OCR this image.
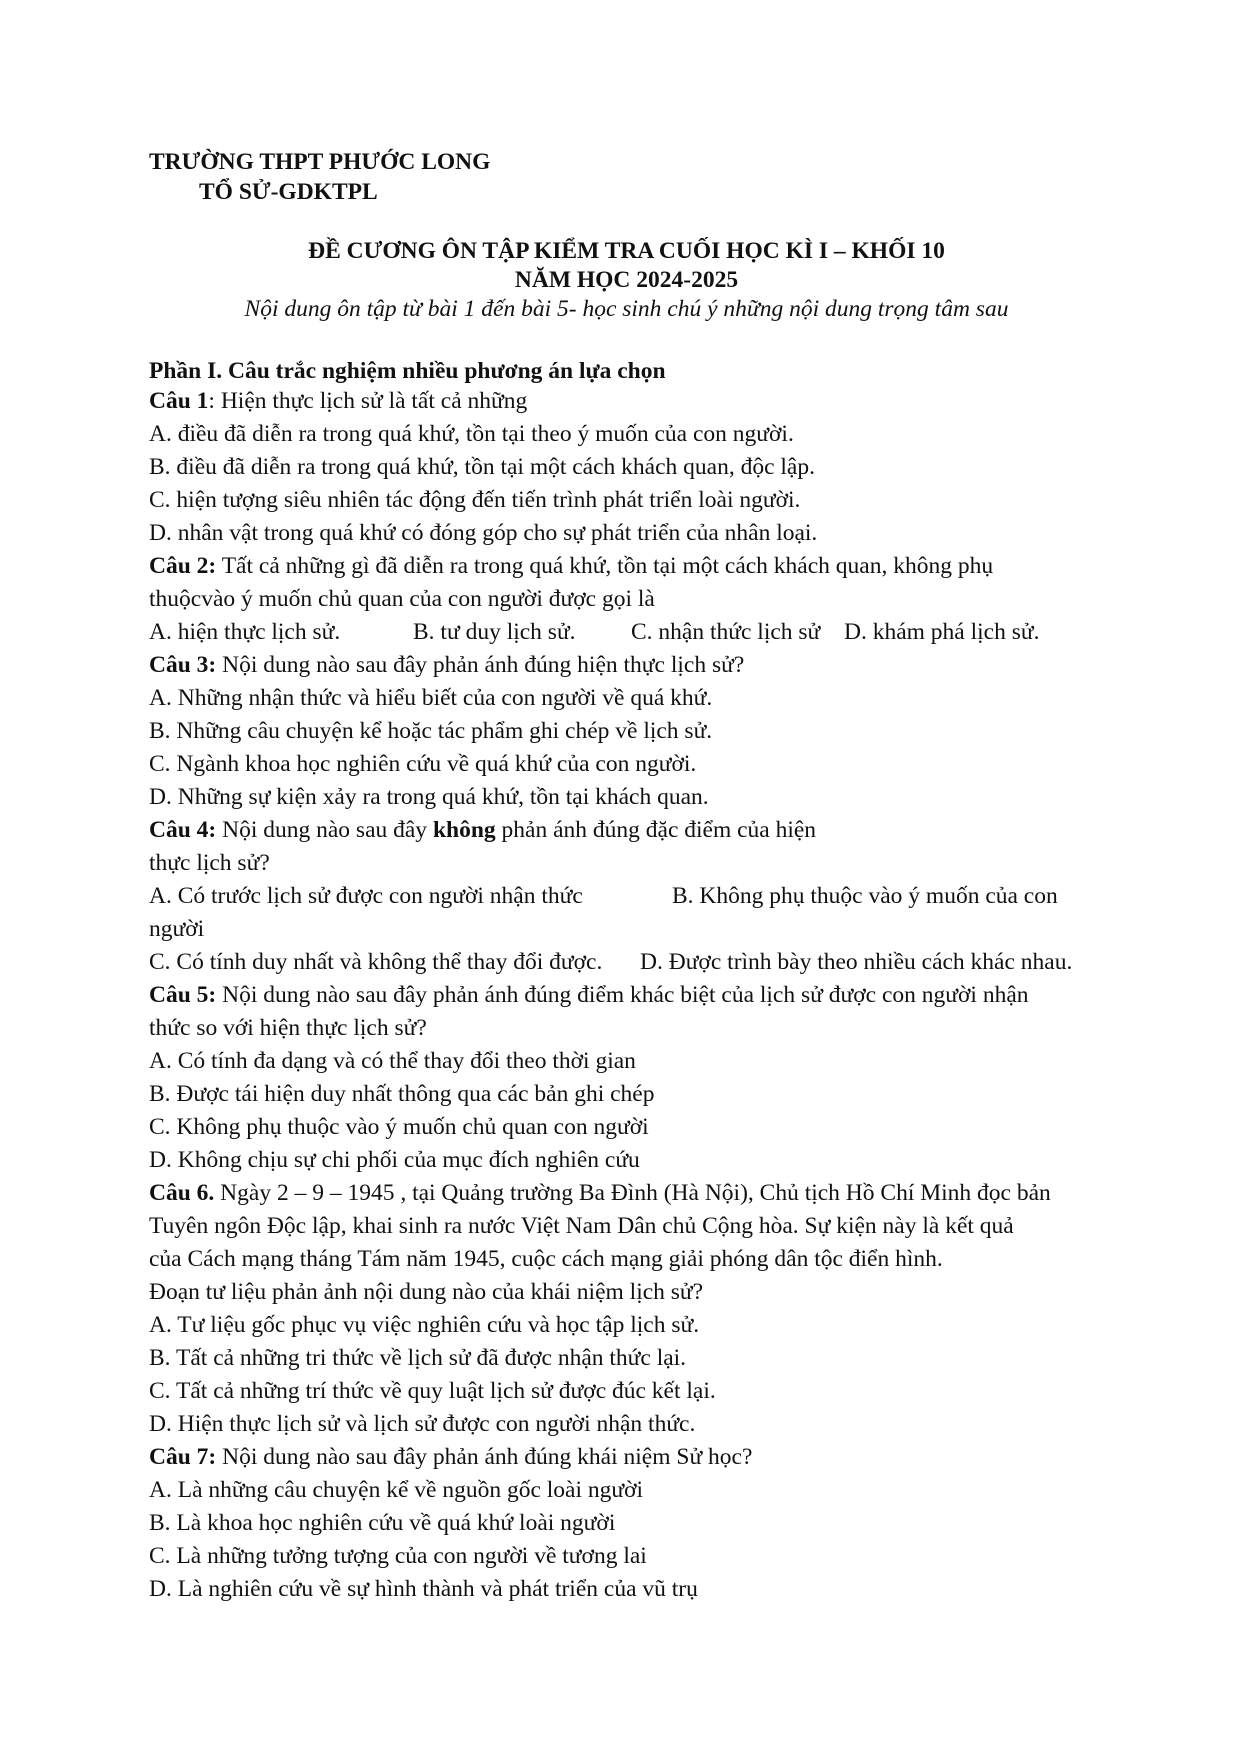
TRƯỜNG THPT PHƯỚC LONG
TỔ SỬ-GDKTPL
ĐỀ CƯƠNG ÔN TẬP KIỂM TRA CUỐI HỌC KÌ I – KHỐI 10
NĂM HỌC 2024-2025
Nội dung ôn tập từ bài 1 đến bài 5- học sinh chú ý những nội dung trọng tâm sau
Phần I. Câu trắc nghiệm nhiều phương án lựa chọn
Câu 1: Hiện thực lịch sử là tất cả những
A. điều đã diễn ra trong quá khứ, tồn tại theo ý muốn của con người.
B. điều đã diễn ra trong quá khứ, tồn tại một cách khách quan, độc lập.
C. hiện tượng siêu nhiên tác động đến tiến trình phát triển loài người.
D. nhân vật trong quá khứ có đóng góp cho sự phát triển của nhân loại.
Câu 2: Tất cả những gì đã diễn ra trong quá khứ, tồn tại một cách khách quan, không phụ
thuộcvào ý muốn chủ quan của con người được gọi là
A. hiện thực lịch sử.	B. tư duy lịch sử. C. nhận thức lịch sử D. khám phá lịch sử.
Câu 3: Nội dung nào sau đây phản ánh đúng hiện thực lịch sử?
A. Những nhận thức và hiểu biết của con người về quá khứ.
B. Những câu chuyện kể hoặc tác phẩm ghi chép về lịch sử.
C. Ngành khoa học nghiên cứu về quá khứ của con người.
D. Những sự kiện xảy ra trong quá khứ, tồn tại khách quan.
Câu 4: Nội dung nào sau đây không phản ánh đúng đặc điểm của hiện
thực lịch sử?
A. Có trước lịch sử được con người nhận thức	B. Không phụ thuộc vào ý muốn của con
người
C. Có tính duy nhất và không thể thay đổi được. D. Được trình bày theo nhiều cách khác nhau.
Câu 5: Nội dung nào sau đây phản ánh đúng điểm khác biệt của lịch sử được con người nhận
thức so với hiện thực lịch sử?
A. Có tính đa dạng và có thể thay đổi theo thời gian
B. Được tái hiện duy nhất thông qua các bản ghi chép
C. Không phụ thuộc vào ý muốn chủ quan con người
D. Không chịu sự chi phối của mục đích nghiên cứu
Câu 6. Ngày 2 – 9 – 1945 , tại Quảng trường Ba Đình (Hà Nội), Chủ tịch Hồ Chí Minh đọc bản
Tuyên ngôn Độc lập, khai sinh ra nước Việt Nam Dân chủ Cộng hòa. Sự kiện này là kết quả
của Cách mạng tháng Tám năm 1945, cuộc cách mạng giải phóng dân tộc điển hình.
Đoạn tư liệu phản ảnh nội dung nào của khái niệm lịch sử?
A. Tư liệu gốc phục vụ việc nghiên cứu và học tập lịch sử.
B. Tất cả những tri thức về lịch sử đã được nhận thức lại.
C. Tất cả những trí thức về quy luật lịch sử được đúc kết lại.
D. Hiện thực lịch sử và lịch sử được con người nhận thức.
Câu 7: Nội dung nào sau đây phản ánh đúng khái niệm Sử học?
A. Là những câu chuyện kể về nguồn gốc loài người
B. Là khoa học nghiên cứu về quá khứ loài người
C. Là những tưởng tượng của con người về tương lai
D. Là nghiên cứu về sự hình thành và phát triển của vũ trụ
